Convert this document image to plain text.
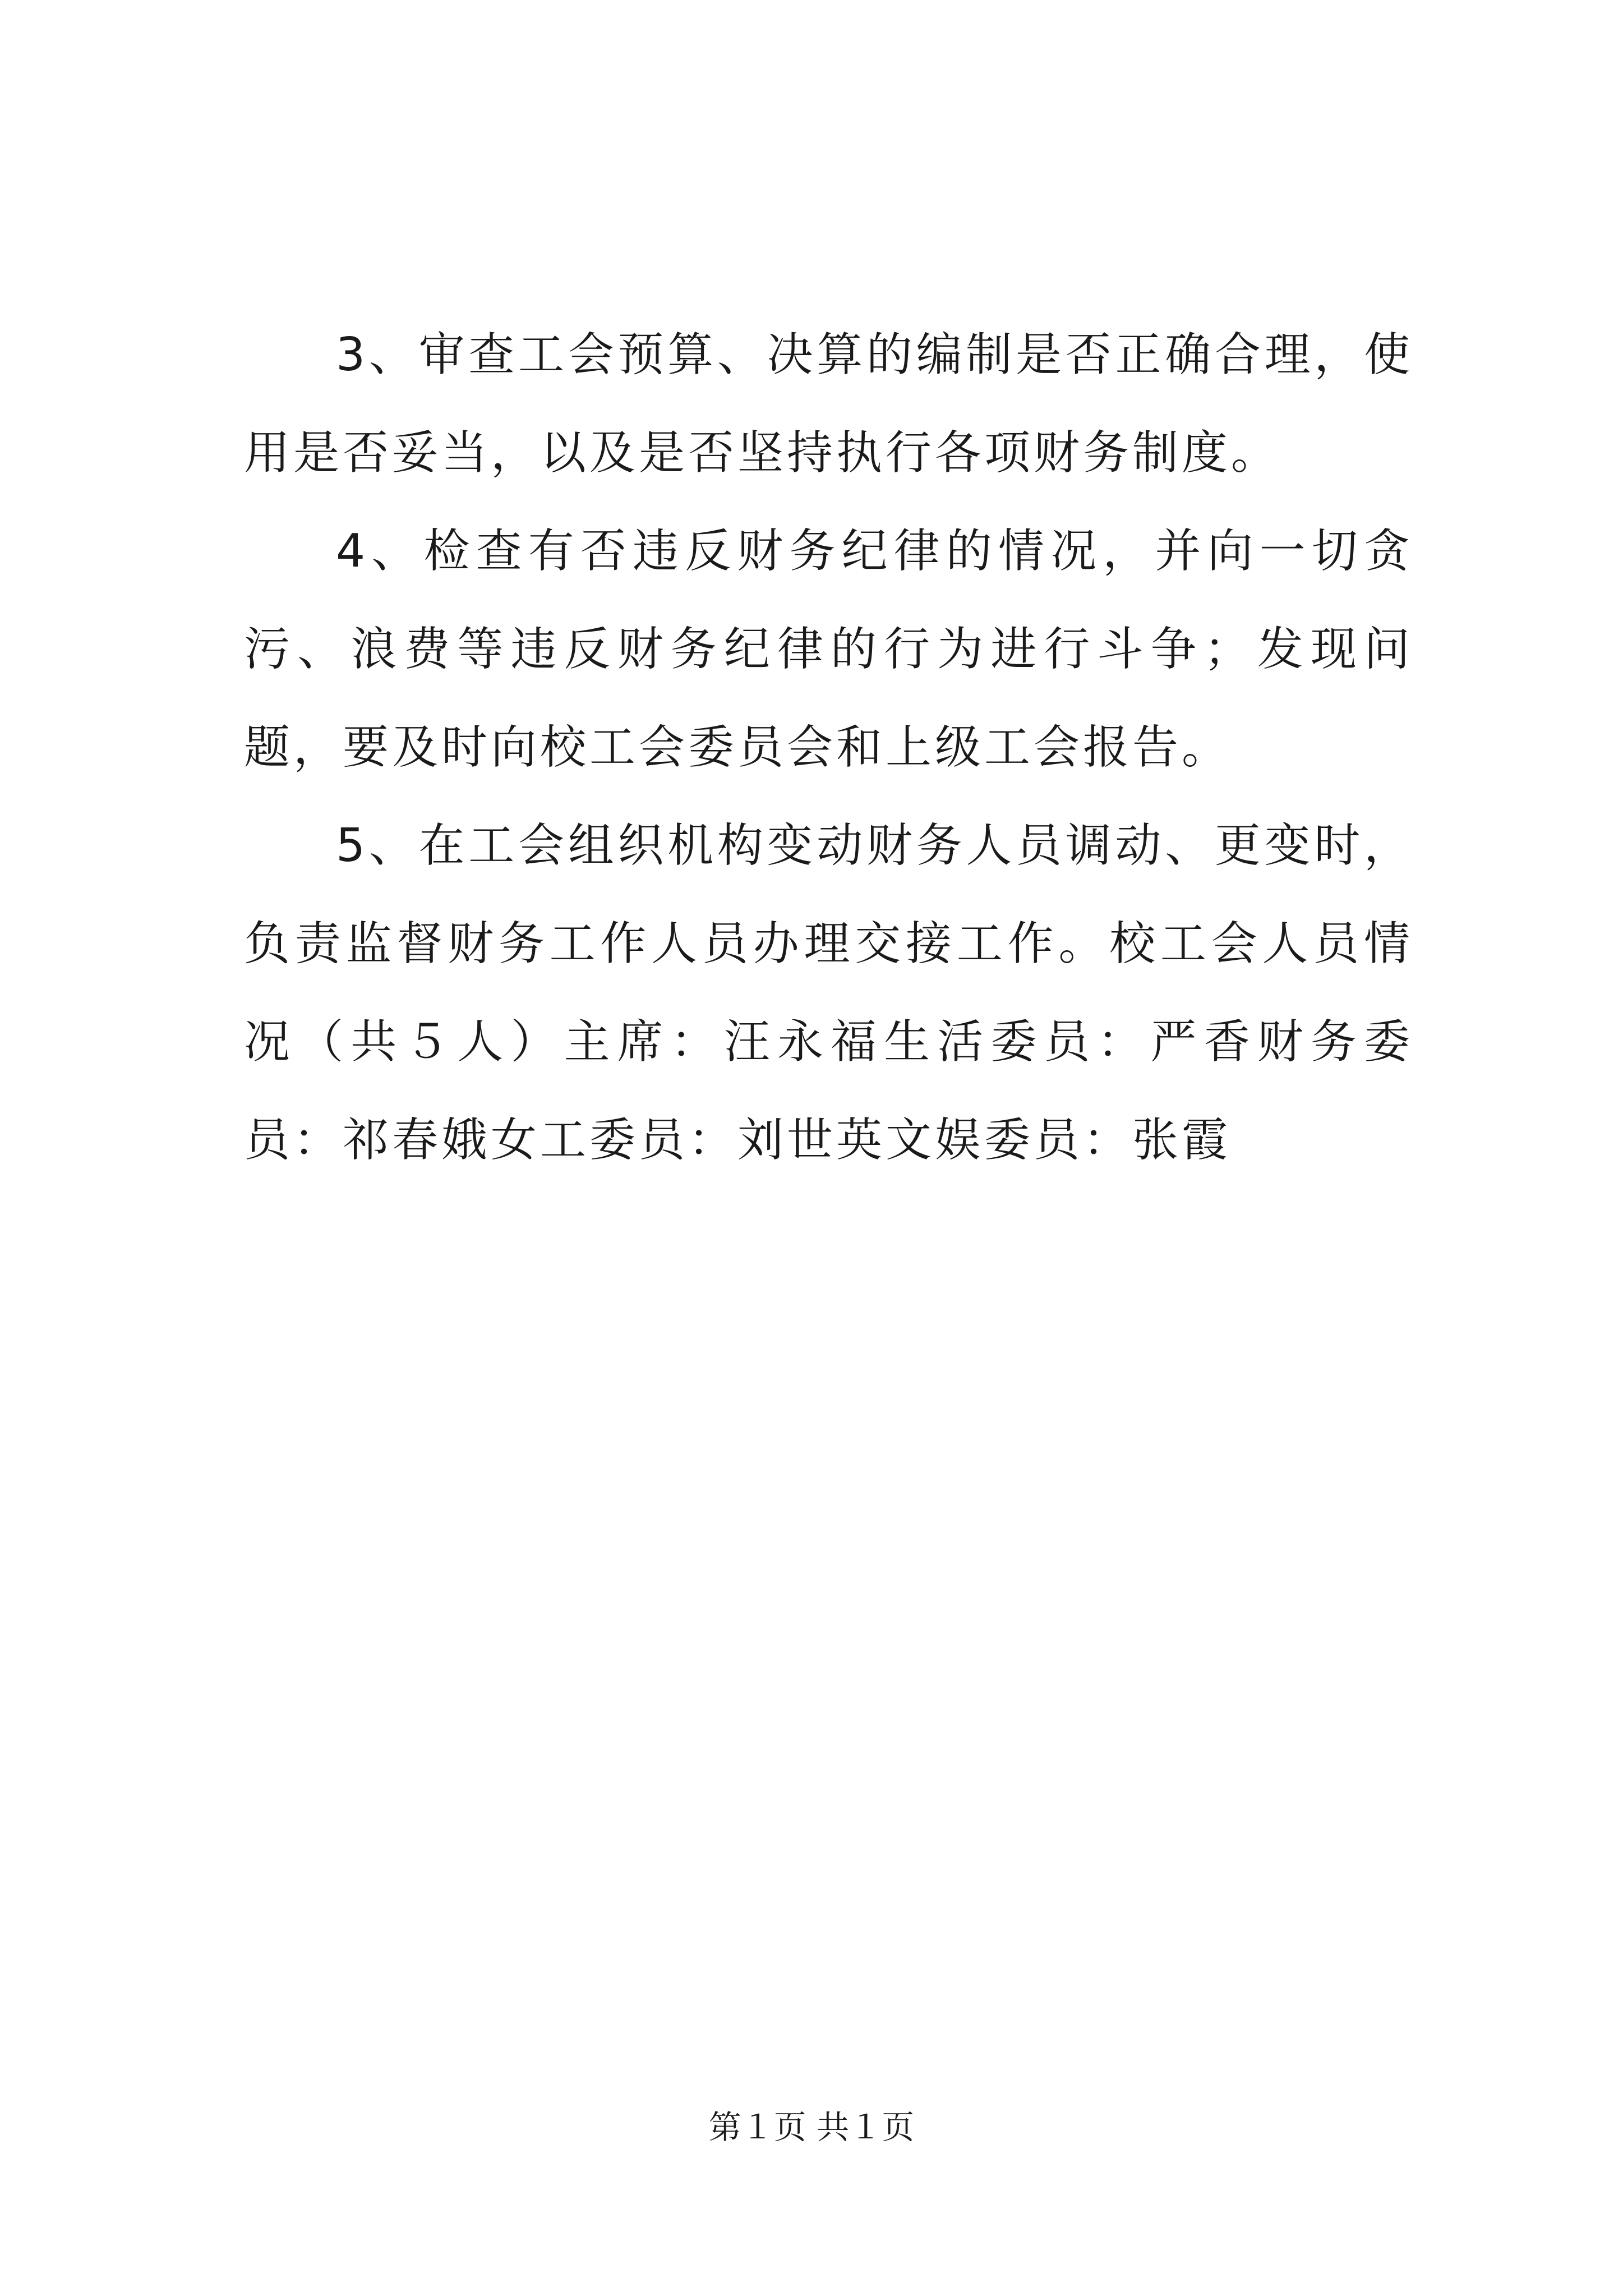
3、审查工会预算、决算的编制是否正确合理，使用是否妥当，以及是否坚持执行各项财务制度。

4、检查有否违反财务纪律的情况，并向一切贪污、浪费等违反财务纪律的行为进行斗争；发现问题，要及时向校工会委员会和上级工会报告。

5、在工会组织机构变动财务人员调动、更变时，负责监督财务工作人员办理交接工作。校工会人员情况（共５人）主席：汪永福生活委员：严香财务委员：祁春娥女工委员：刘世英文娱委员：张霞

第１页 共１页
